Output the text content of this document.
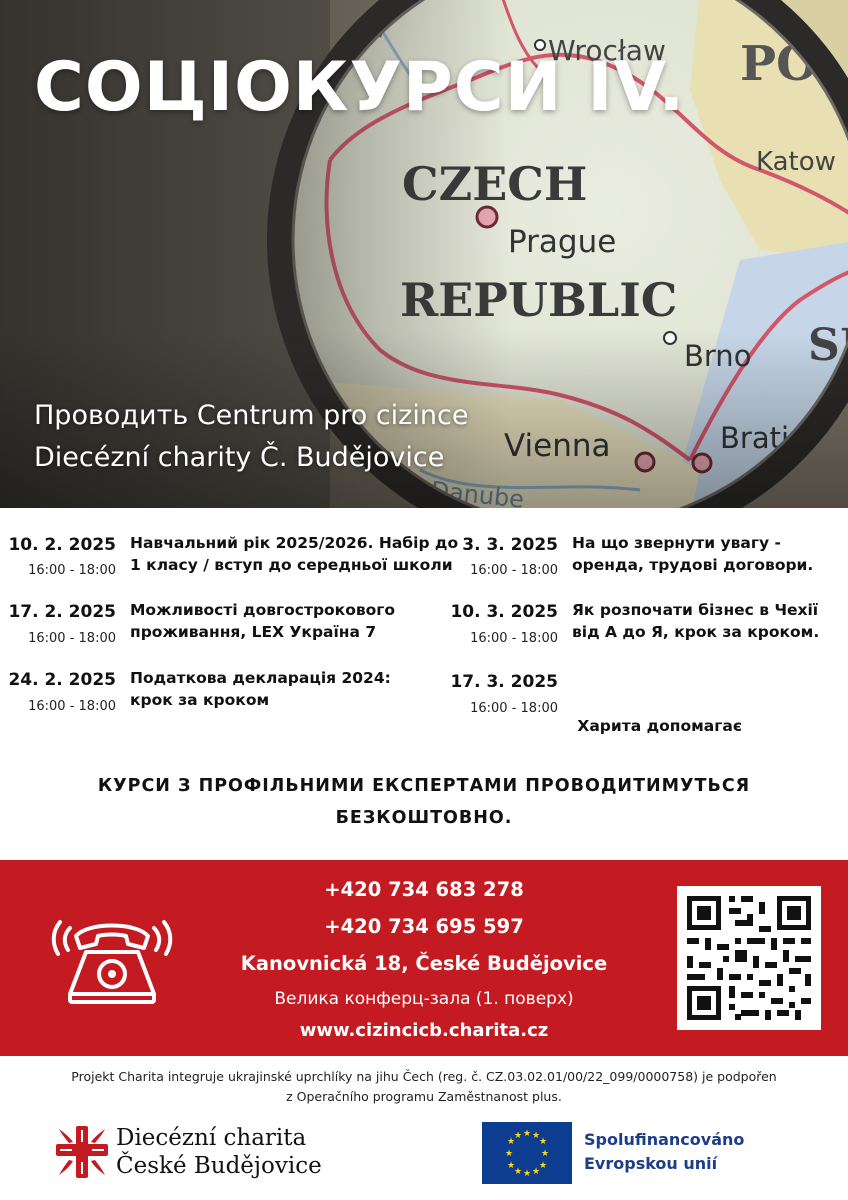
СОЦІОКУРСИ IV.
Проводить Centrum pro cizince
Diecézní charity Č. Budějovice
10. 2. 2025
16:00 - 18:00
Навчальний рік 2025/2026. Набір до
1 класу / вступ до середньої школи
17. 2. 2025
16:00 - 18:00
Можливості довгострокового
проживання, LEX Україна 7
24. 2. 2025
16:00 - 18:00
Податкова декларація 2024:
крок за кроком
3. 3. 2025
16:00 - 18:00
На що звернути увагу -
оренда, трудові договори.
10. 3. 2025
16:00 - 18:00
Як розпочати бізнес в Чехії
від А до Я, крок за кроком.
17. 3. 2025
16:00 - 18:00

Харита допомагає

КУРСИ З ПРОФІЛЬНИМИ ЕКСПЕРТАМИ ПРОВОДИТИМУТЬСЯ
БЕЗКОШТОВНО.
+420 734 683 278
+420 734 695 597
Kanovnická 18, České Budějovice
Велика конферц-зала (1. поверх)
www.cizincicb.charita.cz
Projekt Charita integruje ukrajinské uprchlíky na jihu Čech (reg. č. CZ.03.02.01/00/22_099/0000758) je podpořen
z Operačního programu Zaměstnanost plus.
Diecézní charita
České Budějovice
★ ★
★
★
★
★
★
★
★
★
★
★	Spolufinancováno
Evropskou unií
